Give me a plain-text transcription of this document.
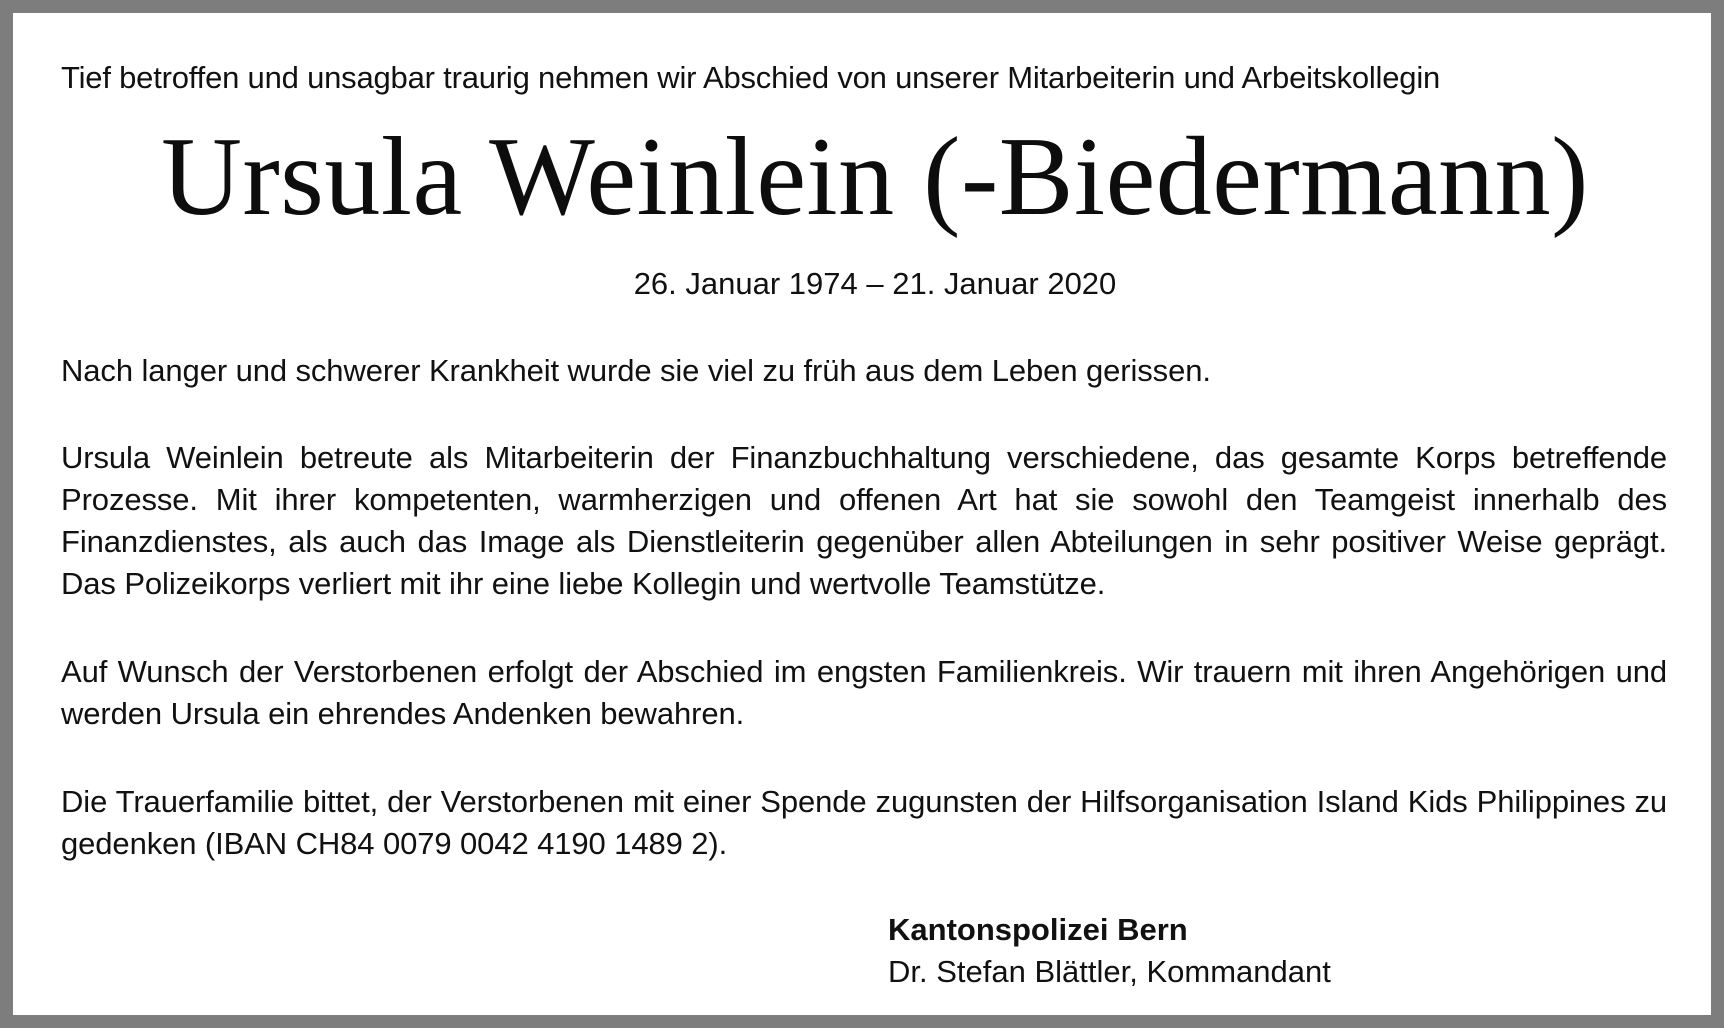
Tief betroffen und unsagbar traurig nehmen wir Abschied von unserer Mitarbeiterin und Arbeitskollegin
Ursula Weinlein (-Biedermann)
26. Januar 1974 – 21. Januar 2020
Nach langer und schwerer Krankheit wurde sie viel zu früh aus dem Leben gerissen.
Ursula Weinlein betreute als Mitarbeiterin der Finanzbuchhaltung verschiedene, das gesamte Korps betreffende Prozesse. Mit ihrer kompetenten, warmherzigen und offenen Art hat sie sowohl den Teamgeist innerhalb des Finanzdienstes, als auch das Image als Dienstleiterin gegenüber allen Abteilungen in sehr positiver Weise geprägt. Das Polizeikorps verliert mit ihr eine liebe Kollegin und wertvolle Teamstütze.
Auf Wunsch der Verstorbenen erfolgt der Abschied im engsten Familienkreis. Wir trauern mit ihren Angehörigen und werden Ursula ein ehrendes Andenken bewahren.
Die Trauerfamilie bittet, der Verstorbenen mit einer Spende zugunsten der Hilfsorganisation Island Kids Philippines zu gedenken (IBAN CH84 0079 0042 4190 1489 2).
Kantonspolizei Bern
Dr. Stefan Blättler, Kommandant
